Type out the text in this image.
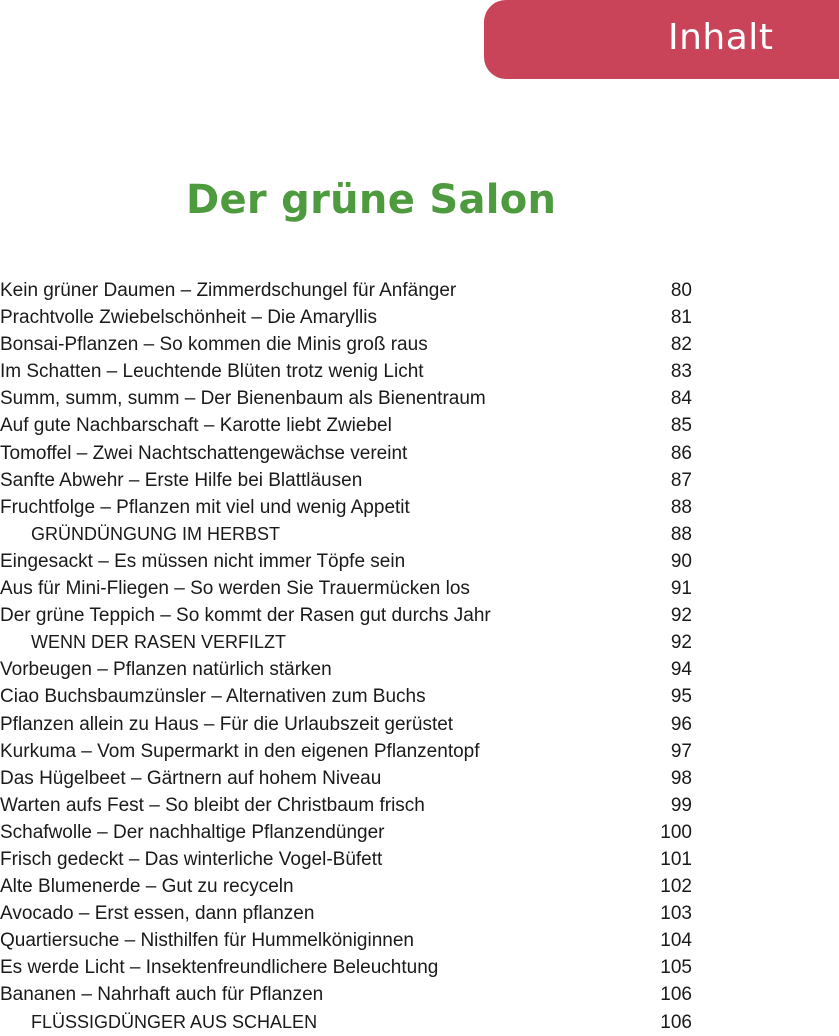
Inhalt
Der grüne Salon
Kein grüner Daumen – Zimmerdschungel für Anfänger	80
Prachtvolle Zwiebelschönheit – Die Amaryllis	81
Bonsai-Pflanzen – So kommen die Minis groß raus	82
Im Schatten – Leuchtende Blüten trotz wenig Licht	83
Summ, summ, summ – Der Bienenbaum als Bienentraum	84
Auf gute Nachbarschaft – Karotte liebt Zwiebel	85
Tomoffel – Zwei Nachtschattengewächse vereint	86
Sanfte Abwehr – Erste Hilfe bei Blattläusen	87
Fruchtfolge – Pflanzen mit viel und wenig Appetit	88
GRÜNDÜNGUNG IM HERBST	88
Eingesackt – Es müssen nicht immer Töpfe sein	90
Aus für Mini-Fliegen – So werden Sie Trauermücken los	91
Der grüne Teppich – So kommt der Rasen gut durchs Jahr	92
WENN DER RASEN VERFILZT	92
Vorbeugen – Pflanzen natürlich stärken	94
Ciao Buchsbaumzünsler – Alternativen zum Buchs	95
Pflanzen allein zu Haus – Für die Urlaubszeit gerüstet	96
Kurkuma – Vom Supermarkt in den eigenen Pflanzentopf	97
Das Hügelbeet – Gärtnern auf hohem Niveau	98
Warten aufs Fest – So bleibt der Christbaum frisch	99
Schafwolle – Der nachhaltige Pflanzendünger	100
Frisch gedeckt – Das winterliche Vogel-Büfett	101
Alte Blumenerde – Gut zu recyceln	102
Avocado – Erst essen, dann pflanzen	103
Quartiersuche – Nisthilfen für Hummelköniginnen	104
Es werde Licht – Insektenfreundlichere Beleuchtung	105
Bananen – Nahrhaft auch für Pflanzen	106
FLÜSSIGDÜNGER AUS SCHALEN	106
